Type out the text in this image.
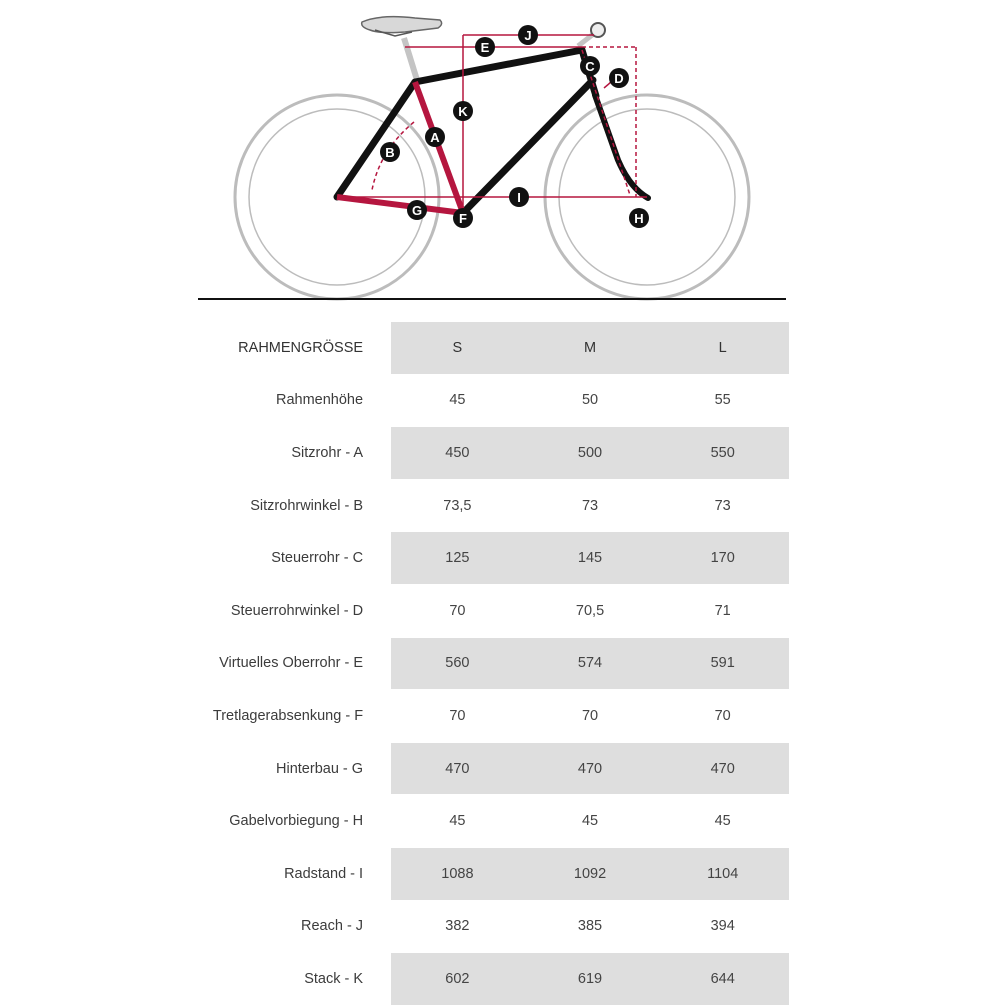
A
B
C
D
E
F
G
H
I
J
K
RAHMENGRÖSSE	S	M	L
Rahmenhöhe	45	50	55
Sitzrohr - A	450	500	550
Sitzrohrwinkel - B	73,5	73	73
Steuerrohr - C	125	145	170
Steuerrohrwinkel - D	70	70,5	71
Virtuelles Oberrohr - E	560	574	591
Tretlagerabsenkung - F	70	70	70
Hinterbau - G	470	470	470
Gabelvorbiegung - H	45	45	45
Radstand - I	1088	1092	1104
Reach - J	382	385	394
Stack - K	602	619	644
